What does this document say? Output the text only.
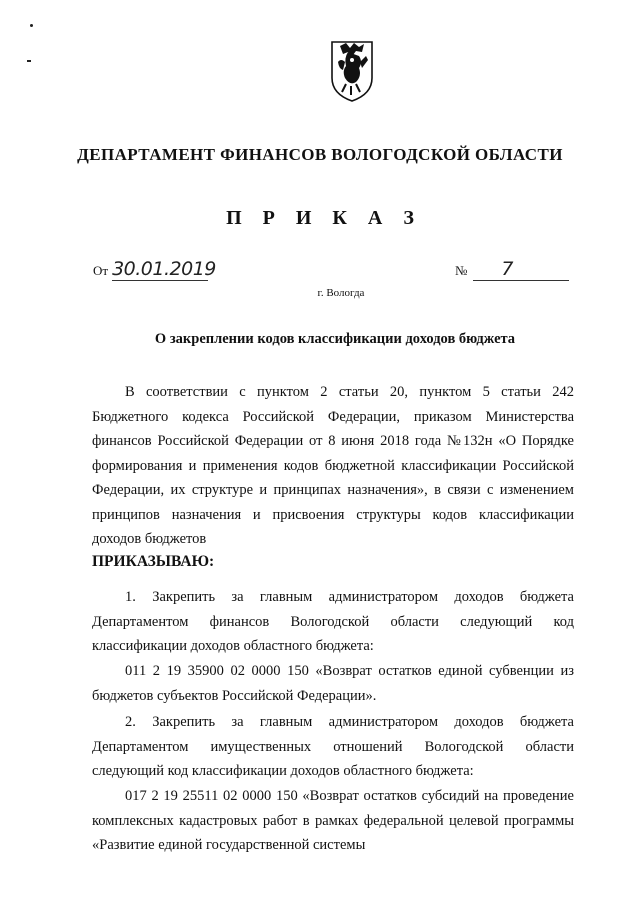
ДЕПАРТАМЕНТ ФИНАНСОВ ВОЛОГОДСКОЙ ОБЛАСТИ
П Р И К А З
От 30.01.2019	№	7
г. Вологда
О закреплении кодов классификации доходов бюджета
В соответствии с пунктом 2 статьи 20, пунктом 5 статьи 242 Бюджетного кодекса Российской Федерации, приказом Министерства финансов Российской Федерации от 8 июня 2018 года №132н «О Порядке формирования и применения кодов бюджетной классификации Российской Федерации, их структуре и принципах назначения», в связи с изменением принципов назначения и присвоения структуры кодов классификации доходов бюджетов
ПРИКАЗЫВАЮ:
1. Закрепить за главным администратором доходов бюджета Департаментом финансов Вологодской области следующий код классификации доходов областного бюджета:
011 2 19 35900 02 0000 150 «Возврат остатков единой субвенции из бюджетов субъектов Российской Федерации».
2. Закрепить за главным администратором доходов бюджета Департаментом имущественных отношений Вологодской области следующий код классификации доходов областного бюджета:
017 2 19 25511 02 0000 150 «Возврат остатков субсидий на проведение комплексных кадастровых работ в рамках федеральной целевой программы «Развитие единой государственной системы
